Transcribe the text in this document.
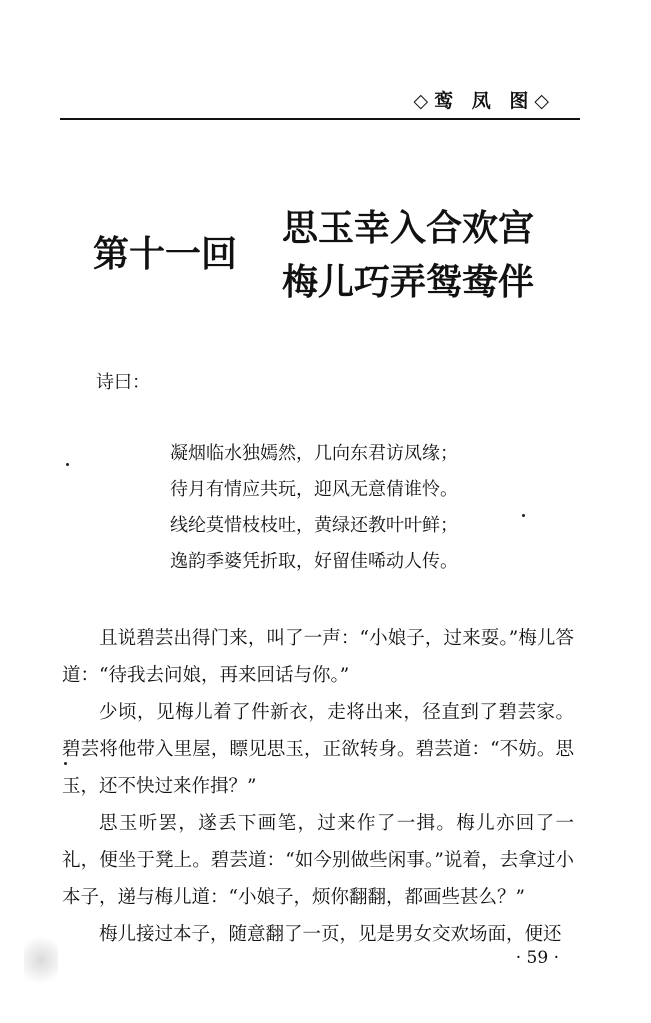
◇鸾 凤 图◇
第十一回
思玉幸入合欢宫
梅儿巧弄鸳鸯伴
诗曰：
凝烟临水独嫣然，几向东君访凤缘；
待月有情应共玩，迎风无意倩谁怜。
线纶莫惜枝枝吐，黄绿还教叶叶鲜；
逸韵季婆凭折取，好留佳唏动人传。

且说碧芸出得门来，叫了一声：“小娘子，过来耍。”梅儿答道：“待我去问娘，再来回话与你。”

少顷，见梅儿着了件新衣，走将出来，径直到了碧芸家。碧芸将他带入里屋，瞟见思玉，正欲转身。碧芸道：“不妨。思玉，还不快过来作揖？”

思玉听罢，遂丢下画笔，过来作了一揖。梅儿亦回了一礼，便坐于凳上。碧芸道：“如今别做些闲事。”说着，去拿过小本子，递与梅儿道：“小娘子，烦你翻翻，都画些甚么？”

梅儿接过本子，随意翻了一页，见是男女交欢场面，便还

· 59 ·
